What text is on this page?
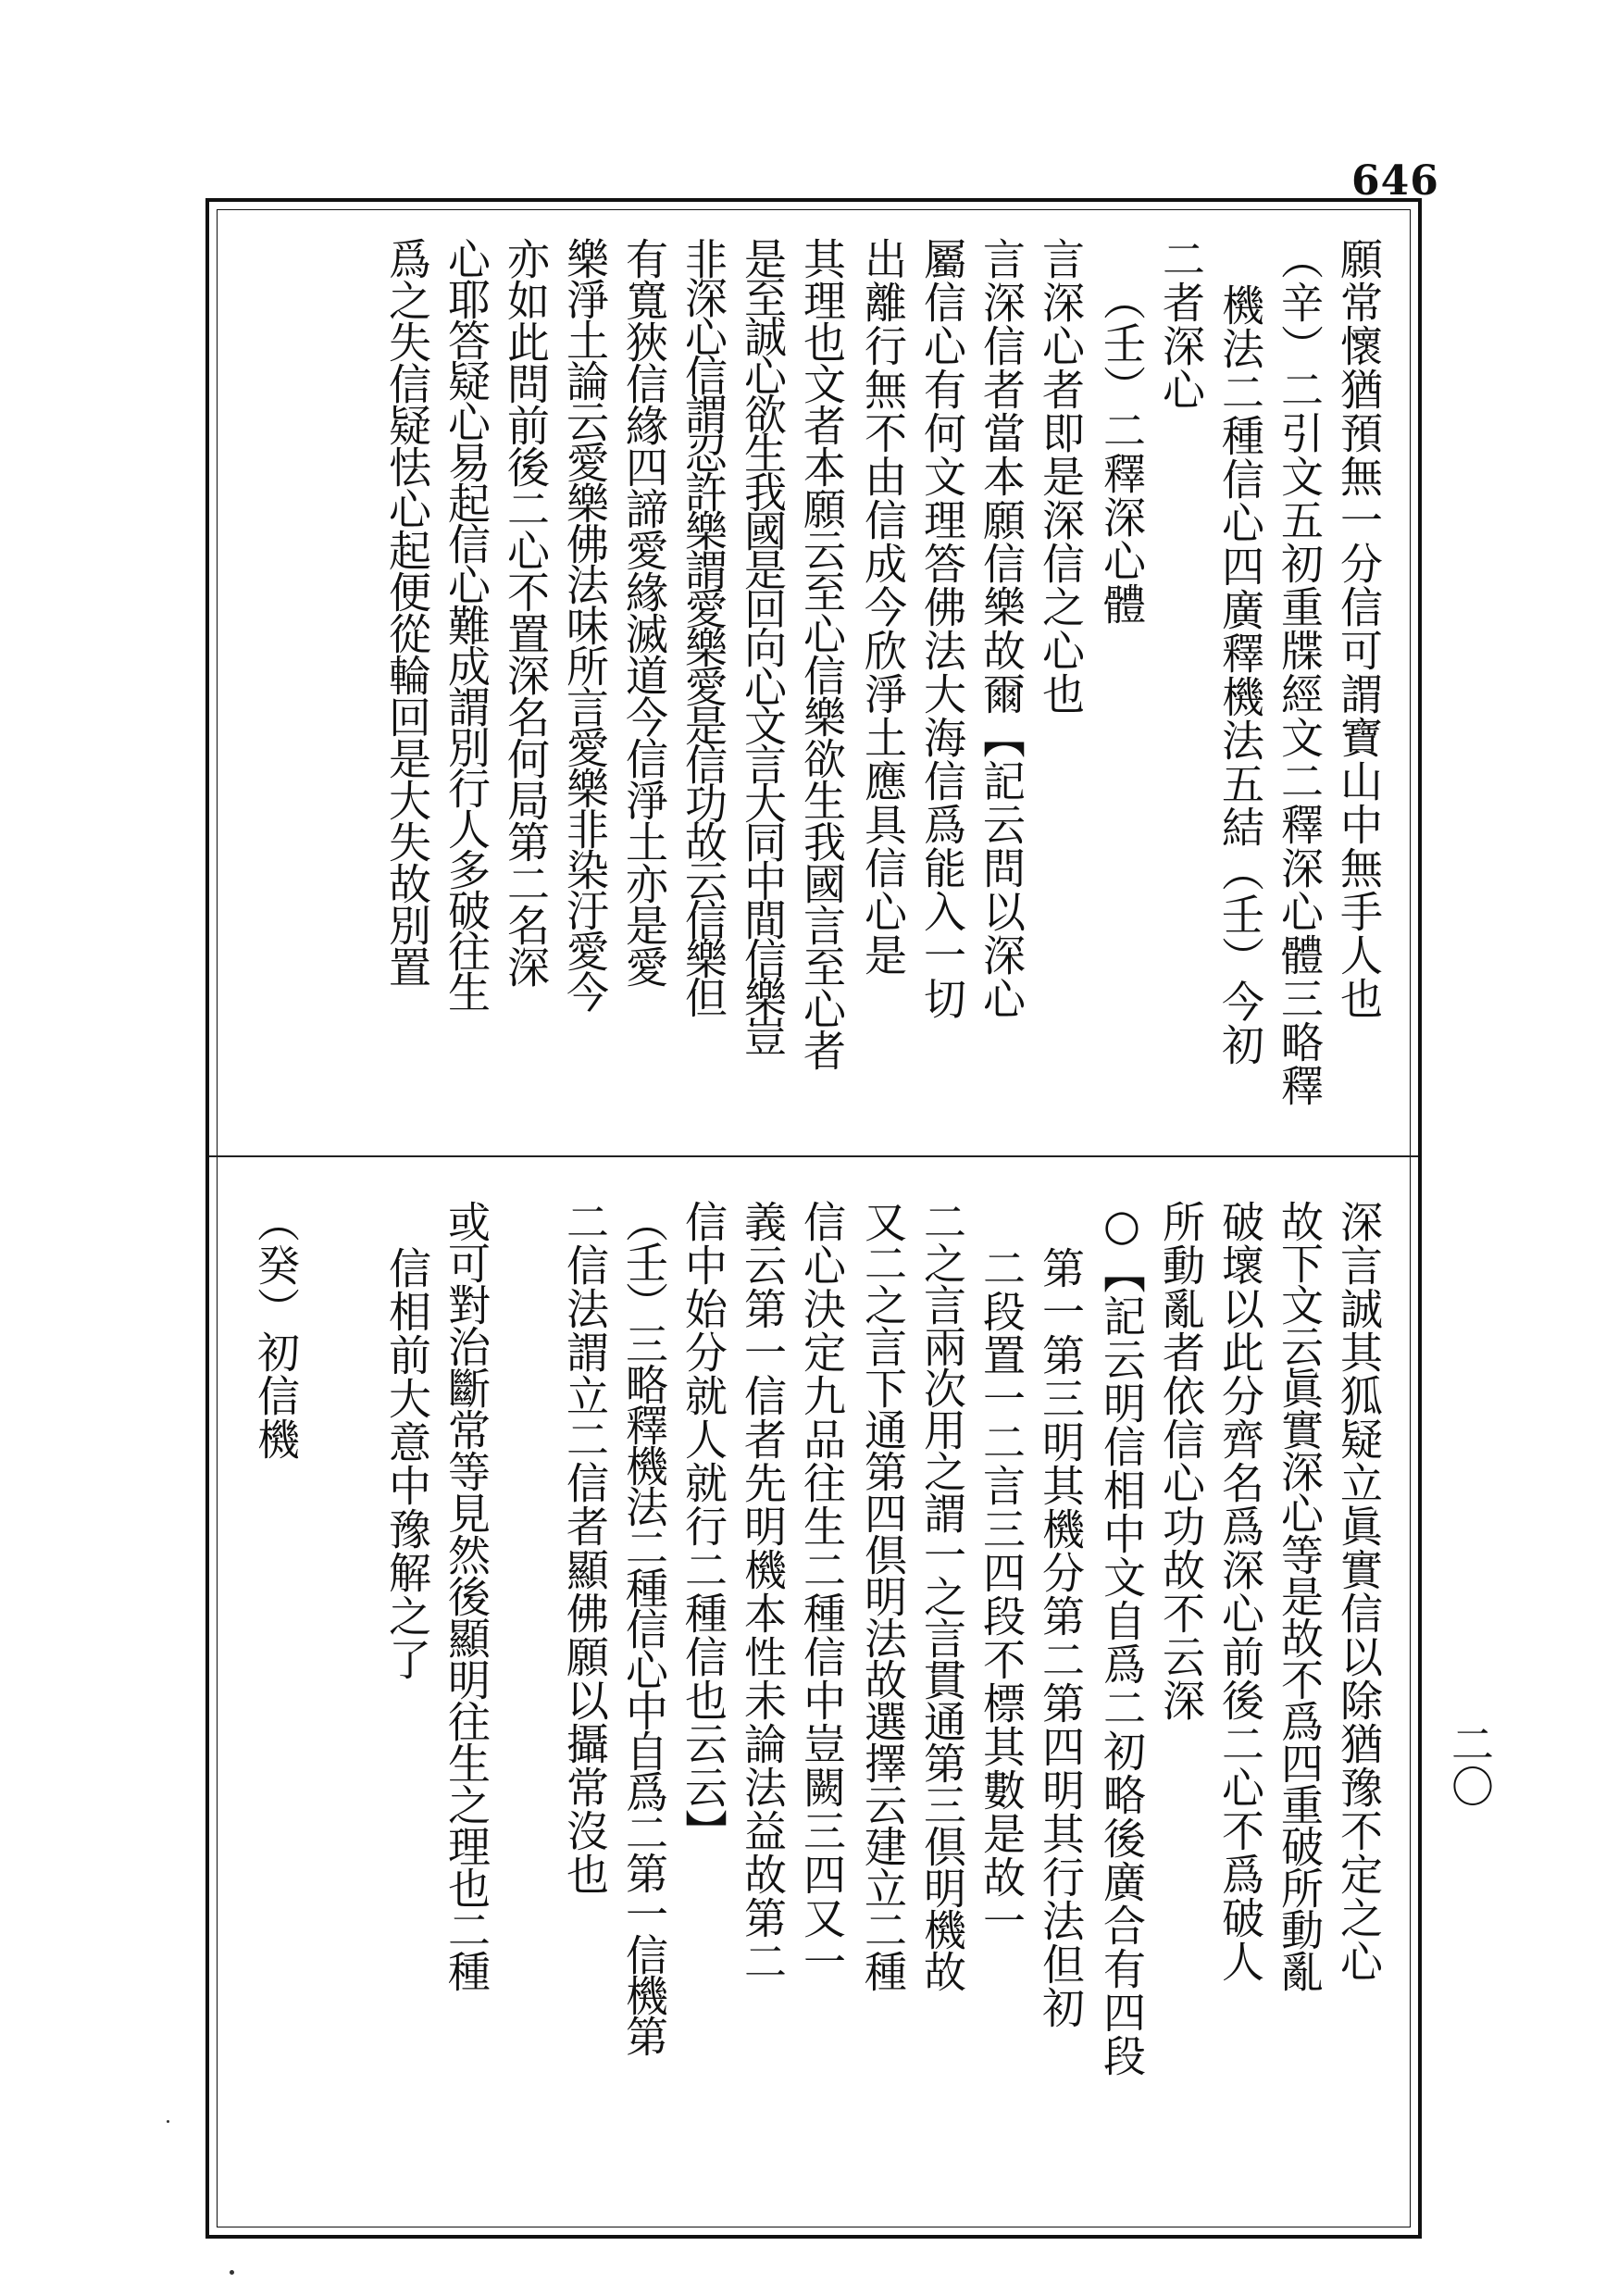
646
二〇
願常懷猶預無一分信可謂寶山中無手人也
（辛）二引文五初重牒經文二釋深心體三略釋
機法二種信心四廣釋機法五結（壬）今初
二者深心
（壬）二釋深心體
言深心者即是深信之心也
言深信者當本願信樂故爾【記云問以深心
屬信心有何文理答佛法大海信爲能入一切
出離行無不由信成今欣淨土應具信心是
其理也文者本願云至心信樂欲生我國言至心者
是至誠心欲生我國是回向心文言大同中間信樂豈
非深心信謂忍許樂謂愛樂愛是信功故云信樂但
有寬狹信緣四諦愛緣滅道今信淨土亦是愛
樂淨土論云愛樂佛法味所言愛樂非染汙愛今
亦如此問前後二心不置深名何局第二名深
心耶答疑心易起信心難成謂別行人多破往生
爲之失信疑怯心起便從輪回是大失故別置
深言誠其狐疑立眞實信以除猶豫不定之心
故下文云眞實深心等是故不爲四重破所動亂
破壞以此分齊名爲深心前後二心不爲破人
所動亂者依信心功故不云深
○【記云明信相中文自爲二初略後廣合有四段
第一第三明其機分第二第四明其行法但初
二段置一二言三四段不標其數是故一
二之言兩次用之謂一之言貫通第三倶明機故
又二之言下通第四倶明法故選擇云建立二種
信心決定九品往生二種信中豈闕三四又一
義云第一信者先明機本性未論法益故第二
信中始分就人就行二種信也云云】
（壬）三略釋機法二種信心中自爲二第一信機第
二信法謂立二信者顯佛願以攝常沒也
或可對治斷常等見然後顯明往生之理也二種
信相前大意中豫解之了
（癸）初信機
